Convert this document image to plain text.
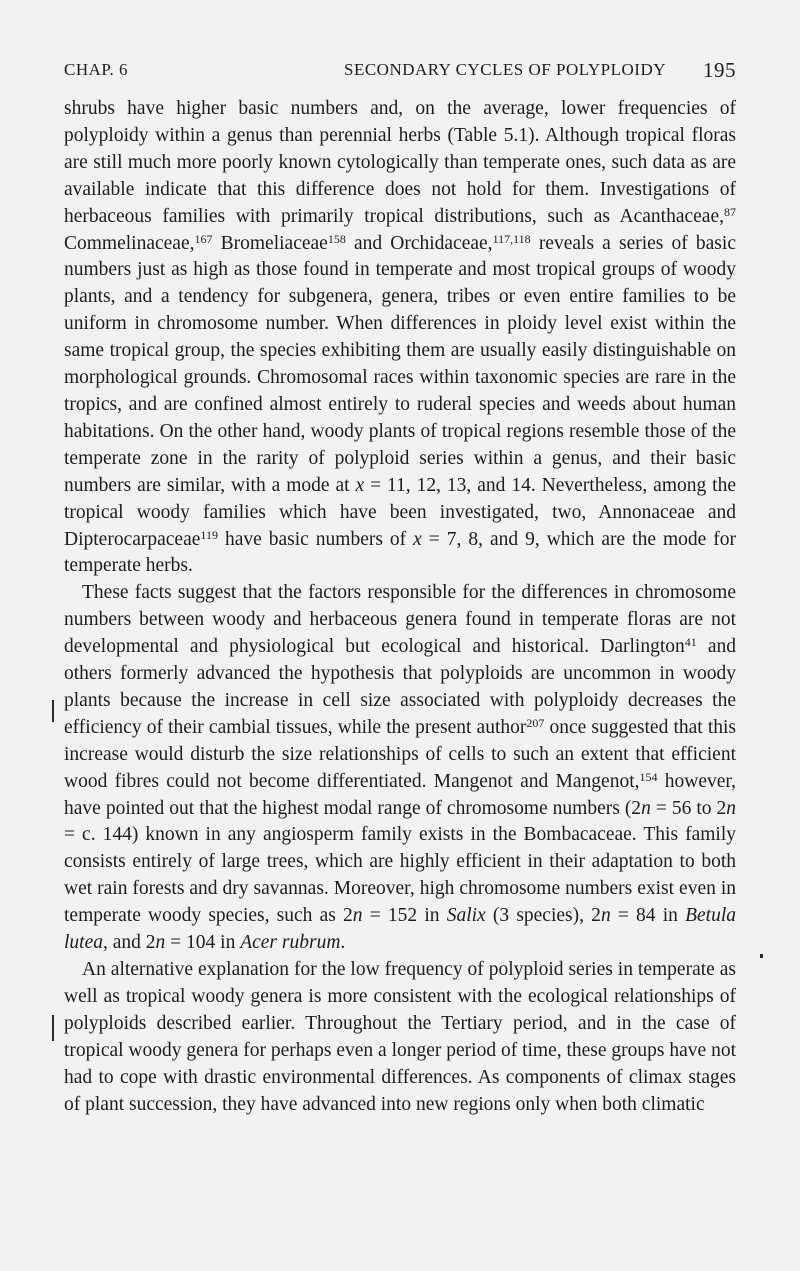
CHAP. 6	SECONDARY CYCLES OF POLYPLOIDY 195

shrubs have higher basic numbers and, on the average, lower frequencies of polyploidy within a genus than perennial herbs (Table 5.1). Although tropical floras are still much more poorly known cytologically than temperate ones, such data as are available indicate that this difference does not hold for them. Investigations of herbaceous families with primarily tropical distributions, such as Acanthaceae,$^{87}$ Commelinaceae,$^{167}$ Bromeliaceae$^{158}$ and Orchidaceae,$^{117,118}$ reveals a series of basic numbers just as high as those found in temperate and most tropical groups of woody plants, and a tendency for subgenera, genera, tribes or even entire families to be uniform in chromosome number. When differences in ploidy level exist within the same tropical group, the species exhibiting them are usually easily distinguishable on morphological grounds. Chromosomal races within taxonomic species are rare in the tropics, and are confined almost entirely to ruderal species and weeds about human habitations. On the other hand, woody plants of tropical regions resemble those of the temperate zone in the rarity of polyploid series within a genus, and their basic numbers are similar, with a mode at x = 11, 12, 13, and 14. Nevertheless, among the tropical woody families which have been investigated, two, Annonaceae and Dipterocarpaceae$^{119}$ have basic numbers of x = 7, 8, and 9, which are the mode for temperate herbs.

These facts suggest that the factors responsible for the differences in chromosome numbers between woody and herbaceous genera found in temperate floras are not developmental and physiological but ecological and historical. Darlington$^{41}$ and others formerly advanced the hypothesis that polyploids are uncommon in woody plants because the increase in cell size associated with polyploidy decreases the efficiency of their cambial tissues, while the present author$^{207}$ once suggested that this increase would disturb the size relationships of cells to such an extent that efficient wood fibres could not become differentiated. Mangenot and Mangenot,$^{154}$ however, have pointed out that the highest modal range of chromosome numbers (2n = 56 to 2n = c. 144) known in any angiosperm family exists in the Bombacaceae. This family consists entirely of large trees, which are highly efficient in their adaptation to both wet rain forests and dry savannas. Moreover, high chromosome numbers exist even in temperate woody species, such as 2n = 152 in Salix (3 species), 2n = 84 in Betula lutea, and 2n = 104 in Acer rubrum.

An alternative explanation for the low frequency of polyploid series in temperate as well as tropical woody genera is more consistent with the ecological relationships of polyploids described earlier. Throughout the Tertiary period, and in the case of tropical woody genera for perhaps even a longer period of time, these groups have not had to cope with drastic environmental differences. As components of climax stages of plant succession, they have advanced into new regions only when both climatic
